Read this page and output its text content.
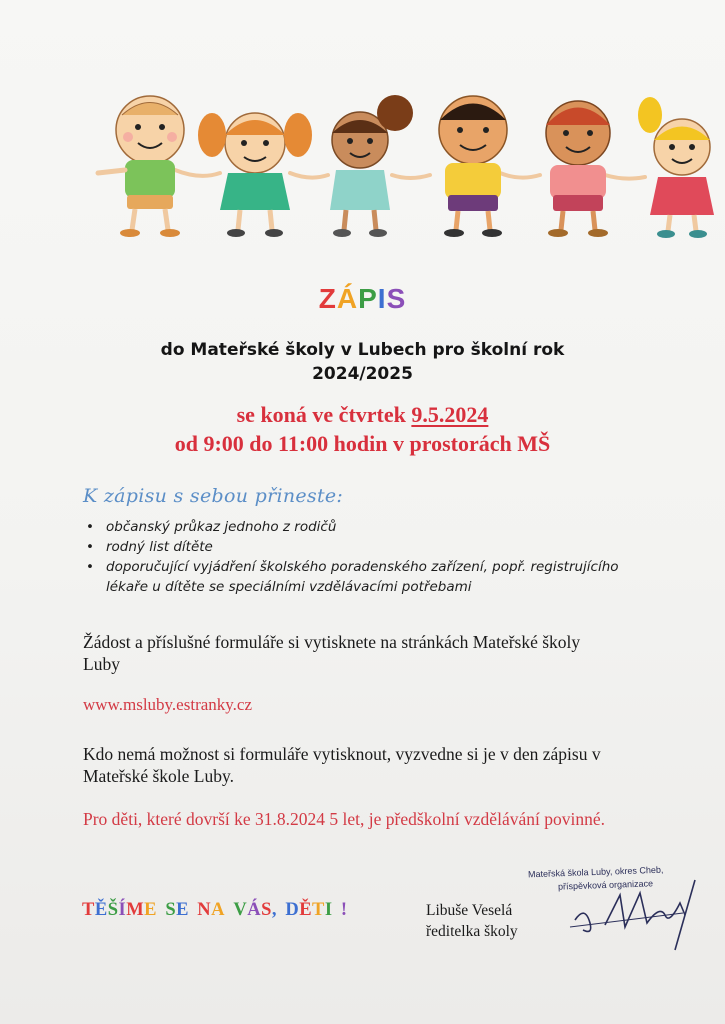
ZÁPIS
do Mateřské školy v Lubech pro školní rok
2024/2025
se koná ve čtvrtek 9.5.2024
od 9:00 do 11:00 hodin v prostorách MŠ
K zápisu s sebou přineste:
• občanský průkaz jednoho z rodičů
• rodný list dítěte
• doporučující vyjádření školského poradenského zařízení, popř. registrujícího lékaře u dítěte se speciálními vzdělávacími potřebami
Žádost a příslušné formuláře si vytisknete na stránkách Mateřské školy Luby
www.msluby.estranky.cz
Kdo nemá možnost si formuláře vytisknout, vyzvedne si je v den zápisu v Mateřské škole Luby.
Pro děti, které dovrší ke 31.8.2024 5 let, je předškolní vzdělávání povinné.
TĚŠÍME SE NA VÁS, DĚTI !	Libuše Veselá
ředitelka školy
Mateřská škola Luby, okres Cheb,
příspěvková organizace
